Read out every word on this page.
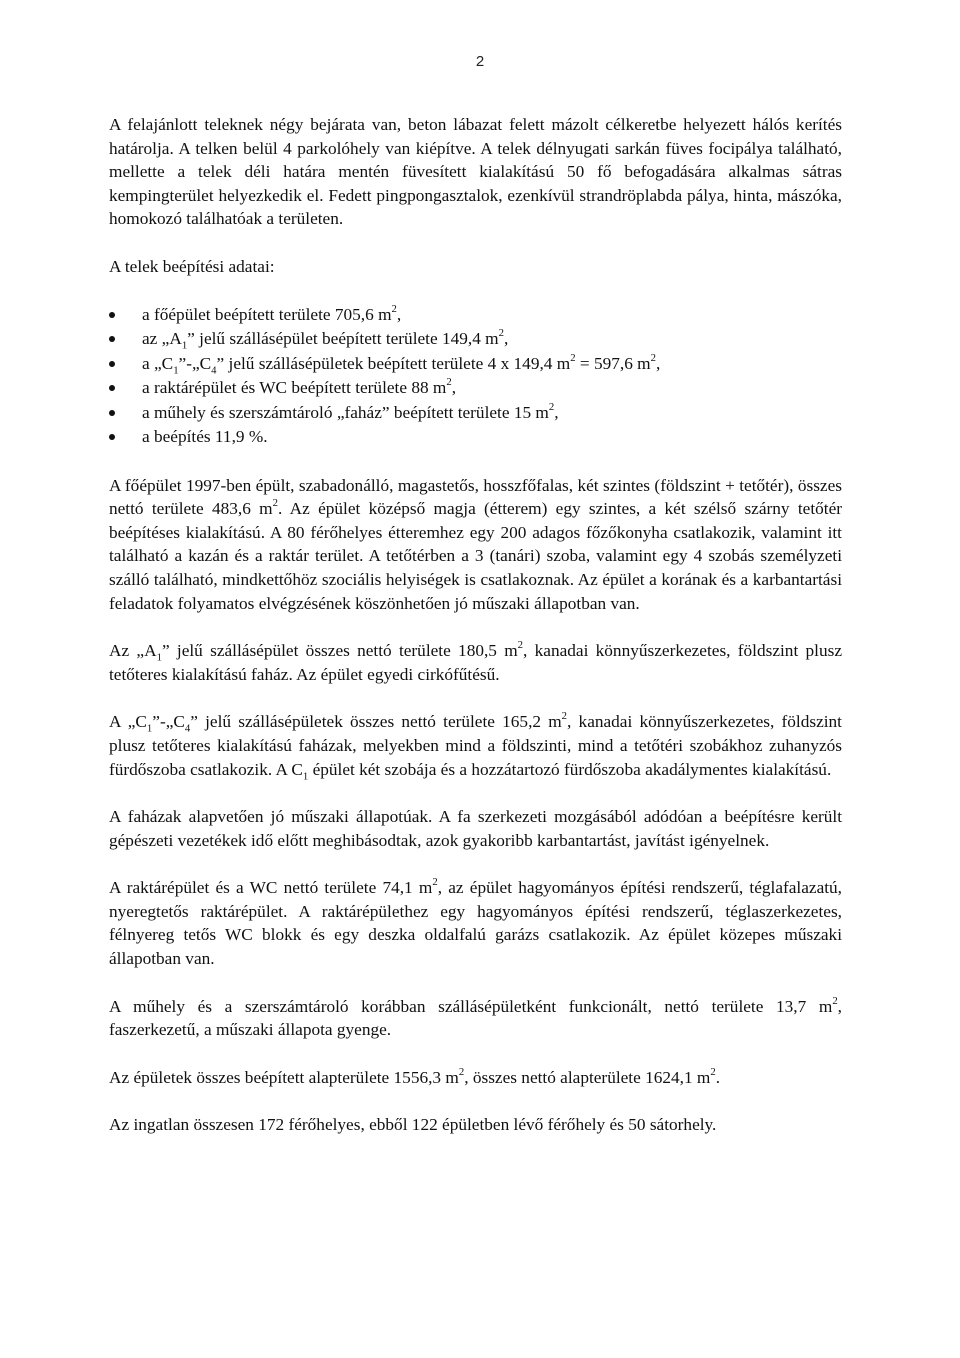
2

A felajánlott teleknek négy bejárata van, beton lábazat felett mázolt célkeretbe helyezett hálós kerítés határolja. A telken belül 4 parkolóhely van kiépítve. A telek délnyugati sarkán füves focipálya található, mellette a telek déli határa mentén füvesített kialakítású 50 fő befogadására alkalmas sátras kempingterület helyezkedik el. Fedett pingpongasztalok, ezenkívül strandröplabda pálya, hinta, mászóka, homokozó találhatóak a területen.

A telek beépítési adatai:

a főépület beépített területe 705,6 $m^2$,
az $„A_1$” jelű szállásépület beépített területe 149,4 $m^2$,
a $„C_1”-„C_4$” jelű szállásépületek beépített területe 4 x 149,4 $m^2 = 597,6$ $m^2$,
a raktárépület és WC beépített területe 88 $m^2$,
a műhely és szerszámtároló „faház” beépített területe 15 $m^2$,
a beépítés 11,9 %.

A főépület 1997-ben épült, szabadonálló, magastetős, hosszfőfalas, két szintes (földszint + tetőtér), összes nettó területe 483,6 $m^2$. Az épület középső magja (étterem) egy szintes, a két szélső szárny tetőtér beépítéses kialakítású. A 80 férőhelyes étteremhez egy 200 adagos főzőkonyha csatlakozik, valamint itt található a kazán és a raktár terület. A tetőtérben a 3 (tanári) szoba, valamint egy 4 szobás személyzeti szálló található, mindkettőhöz szociális helyiségek is csatlakoznak. Az épület a korának és a karbantartási feladatok folyamatos elvégzésének köszönhetően jó műszaki állapotban van.

Az $„A_1$” jelű szállásépület összes nettó területe 180,5 $m^2$, kanadai könnyűszerkezetes, földszint plusz tetőteres kialakítású faház. Az épület egyedi cirkófűtésű.

A $„C_1”-„C_4$” jelű szállásépületek összes nettó területe 165,2 $m^2$, kanadai könnyűszerkezetes, földszint plusz tetőteres kialakítású faházak, melyekben mind a földszinti, mind a tetőtéri szobákhoz zuhanyzós fürdőszoba csatlakozik. A $C_1$ épület két szobája és a hozzátartozó fürdőszoba akadálymentes kialakítású.

A faházak alapvetően jó műszaki állapotúak. A fa szerkezeti mozgásából adódóan a beépítésre került gépészeti vezetékek idő előtt meghibásodtak, azok gyakoribb karbantartást, javítást igényelnek.

A raktárépület és a WC nettó területe 74,1 $m^2$, az épület hagyományos építési rendszerű, téglafalazatú, nyeregtetős raktárépület. A raktárépülethez egy hagyományos építési rendszerű, téglaszerkezetes, félnyereg tetős WC blokk és egy deszka oldalfalú garázs csatlakozik. Az épület közepes műszaki állapotban van.

A műhely és a szerszámtároló korábban szállásépületként funkcionált, nettó területe 13,7 $m^2$, faszerkezetű, a műszaki állapota gyenge.

Az épületek összes beépített alapterülete 1556,3 $m^2$, összes nettó alapterülete 1624,1 $m^2$.

Az ingatlan összesen 172 férőhelyes, ebből 122 épületben lévő férőhely és 50 sátorhely.
